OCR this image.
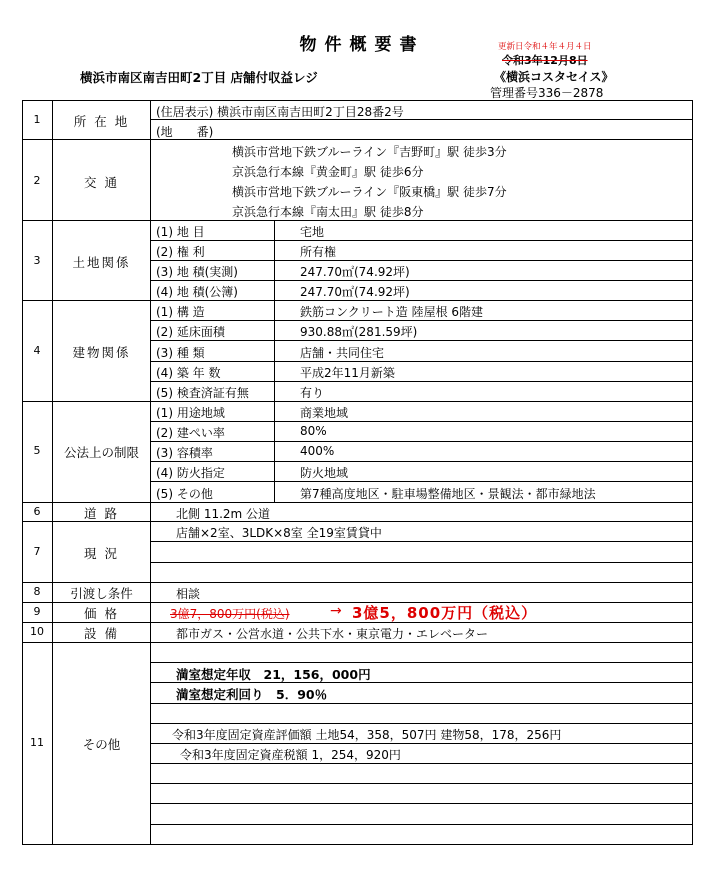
物件概要書	更新日令和４年４月４日
令和3年12月8日
横浜市南区南吉田町2丁目 店舗付収益レジ	《横浜コスタセイス》
管理番号336－2878
1	所 在 地
(住居表示) 横浜市南区南吉田町2丁目28番2号
(地　　番)
2	交 通
横浜市営地下鉄ブルーライン『吉野町』駅 徒歩3分
京浜急行本線『黄金町』駅 徒歩6分
横浜市営地下鉄ブルーライン『阪東橋』駅 徒歩7分
京浜急行本線『南太田』駅 徒歩8分
3	土地関係
(1) 地 目	宅地
(2) 権 利	所有権
(3) 地 積(実測)	247.70㎡(74.92坪)
(4) 地 積(公簿)	247.70㎡(74.92坪)
4	建物関係
(1) 構 造	鉄筋コンクリート造 陸屋根 6階建
(2) 延床面積	930.88㎡(281.59坪)
(3) 種 類	店舗・共同住宅
(4) 築 年 数	平成2年11月新築
(5) 検査済証有無	有り
5	公法上の制限
(1) 用途地域	商業地域
(2) 建ぺい率	80%
(3) 容積率	400%
(4) 防火指定	防火地域
(5) その他	第7種高度地区・駐車場整備地区・景観法・都市緑地法
6	道 路	北側 11.2m 公道
7	現 況
店舗×2室、3LDK×8室 全19室賃貸中
8	引渡し条件	相談
9	価 格	3億7，800万円(税込)	→ 3億5，800万円（税込）
10	設 備	都市ガス・公営水道・公共下水・東京電力・エレベーター
11	その他
満室想定年収　21，156，000円
満室想定利回り　5．90％
令和3年度固定資産評価額 土地54，358，507円 建物58，178，256円
令和3年度固定資産税額 1，254，920円
